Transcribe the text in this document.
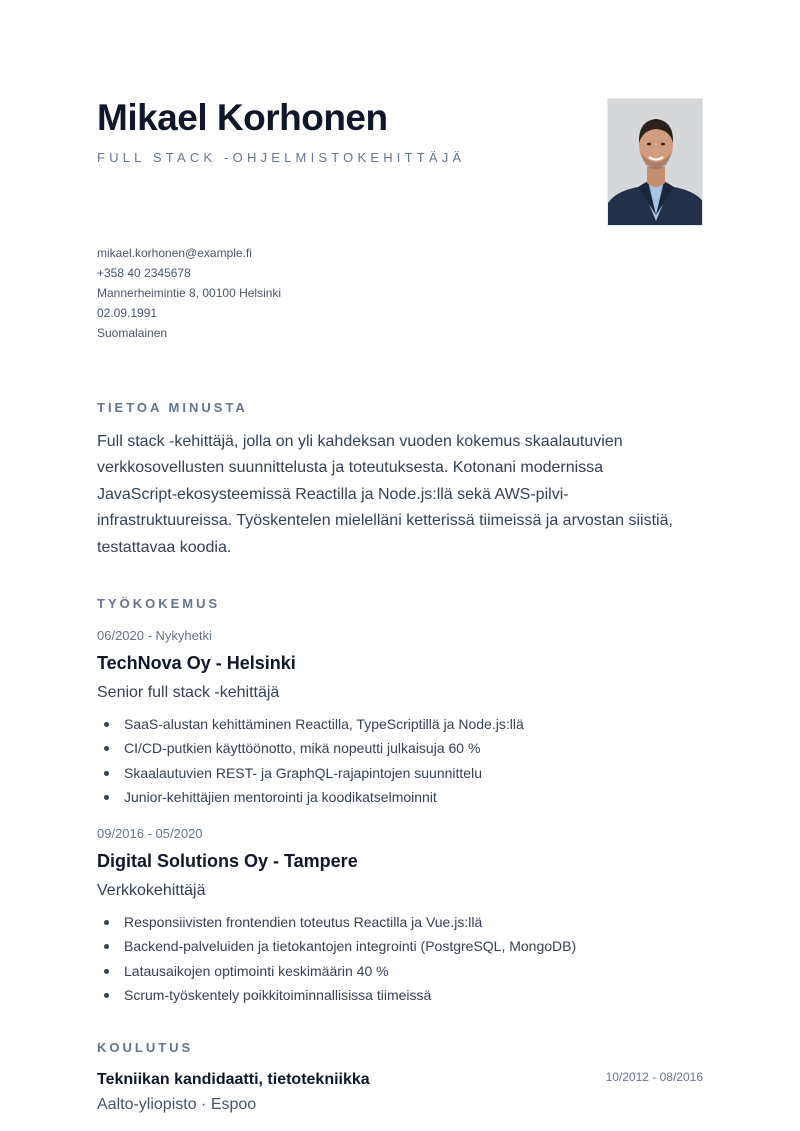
Mikael Korhonen
FULL STACK -OHJELMISTOKEHITTÄJÄ
mikael.korhonen@example.fi
+358 40 2345678
Mannerheimintie 8, 00100 Helsinki
02.09.1991
Suomalainen
TIETOA MINUSTA

Full stack -kehittäjä, jolla on yli kahdeksan vuoden kokemus skaalautuvien verkkosovellusten suunnittelusta ja toteutuksesta. Kotonani modernissa JavaScript-ekosysteemissä Reactilla ja Node.js:llä sekä AWS-pilvi-infrastruktuureissa. Työskentelen mielelläni ketterissä tiimeissä ja arvostan siistiä, testattavaa koodia.

TYÖKOKEMUS
06/2020 - Nykyhetki
TechNova Oy - Helsinki
Senior full stack -kehittäjä
SaaS-alustan kehittäminen Reactilla, TypeScriptillä ja Node.js:llä
CI/CD-putkien käyttöönotto, mikä nopeutti julkaisuja 60 %
Skaalautuvien REST- ja GraphQL-rajapintojen suunnittelu
Junior-kehittäjien mentorointi ja koodikatselmoinnit
09/2016 - 05/2020
Digital Solutions Oy - Tampere
Verkkokehittäjä
Responsiivisten frontendien toteutus Reactilla ja Vue.js:llä
Backend-palveluiden ja tietokantojen integrointi (PostgreSQL, MongoDB)
Latausaikojen optimointi keskimäärin 40 %
Scrum-työskentely poikkitoiminnallisissa tiimeissä
KOULUTUS
Tekniikan kandidaatti, tietotekniikka	10/2012 - 08/2016
Aalto-yliopisto · Espoo
